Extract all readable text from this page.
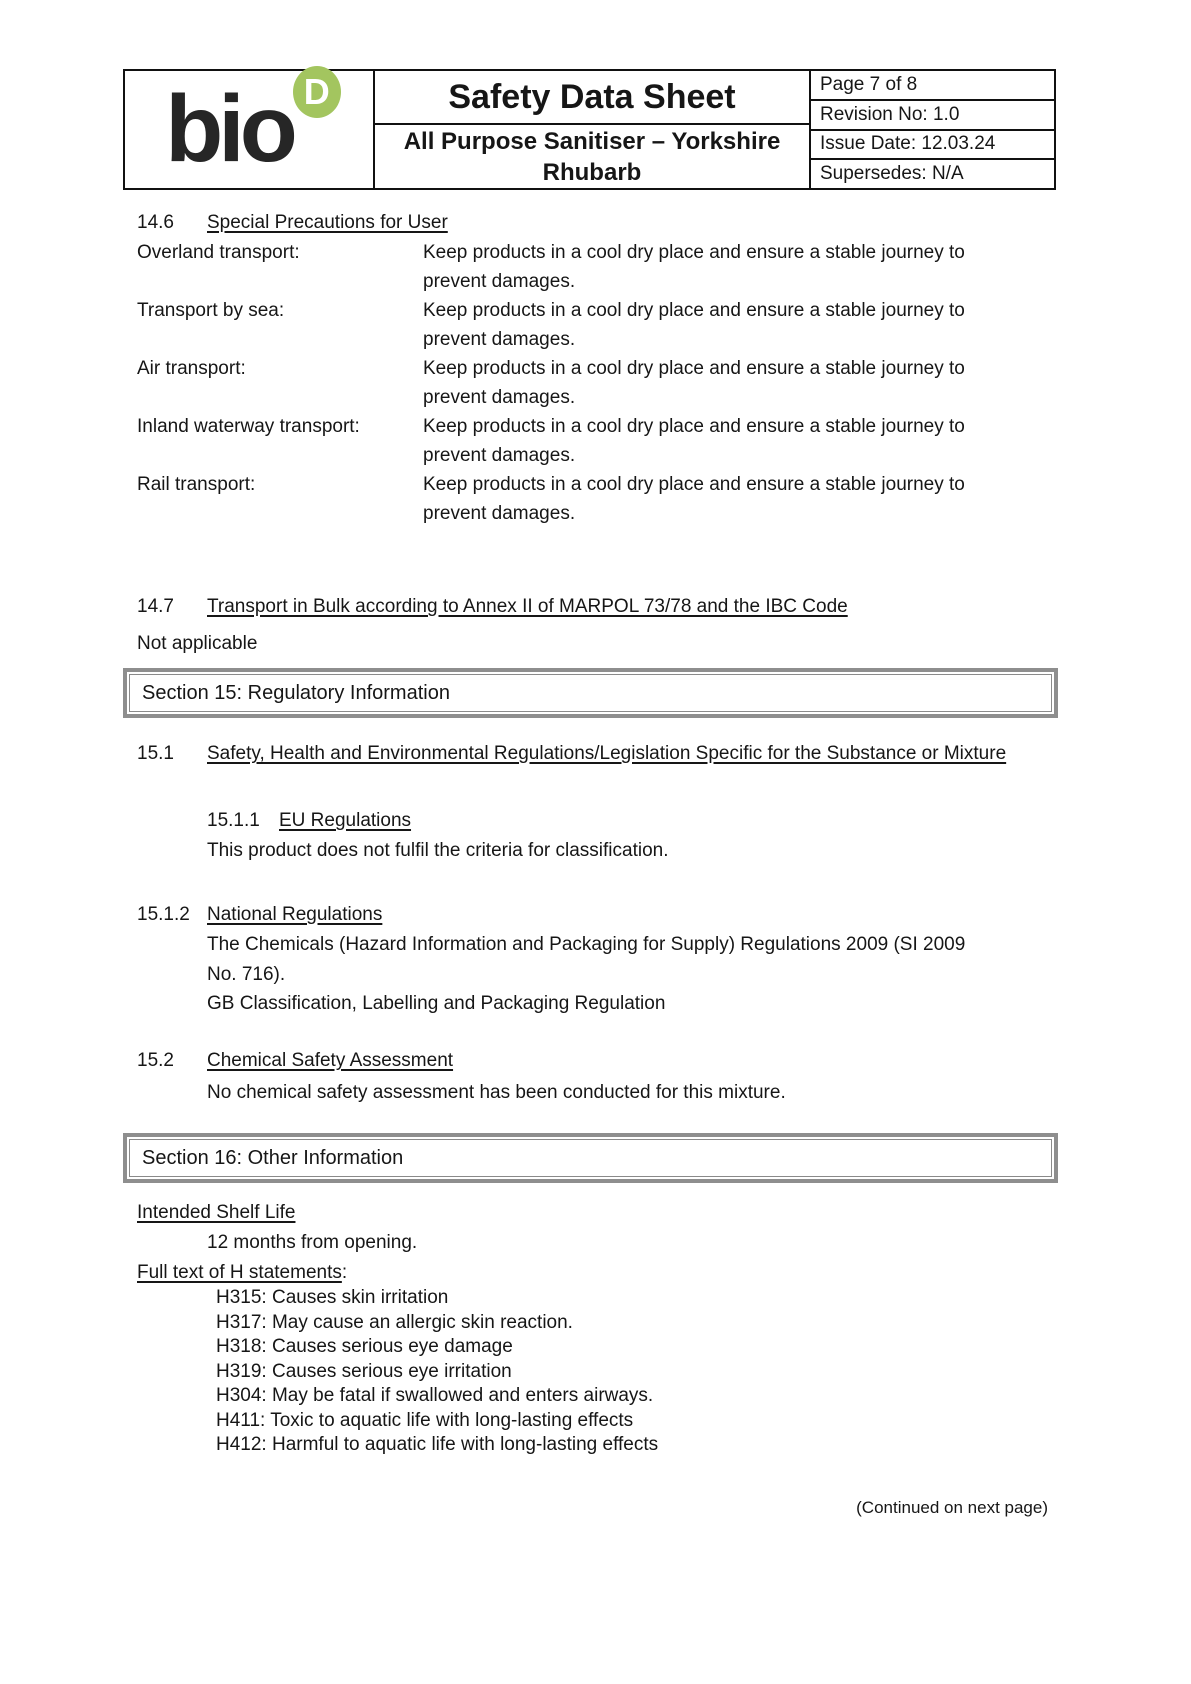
bio D	Safety Data Sheet
All Purpose Sanitiser – Yorkshire Rhubarb
Page 7 of 8
Revision No: 1.0
Issue Date: 12.03.24
Supersedes: N/A
14.6 Special Precautions for User
Overland transport:	Keep products in a cool dry place and ensure a stable journey to prevent damages.
Transport by sea:	Keep products in a cool dry place and ensure a stable journey to prevent damages.
Air transport:	Keep products in a cool dry place and ensure a stable journey to prevent damages.
Inland waterway transport:	Keep products in a cool dry place and ensure a stable journey to prevent damages.
Rail transport:	Keep products in a cool dry place and ensure a stable journey to prevent damages.
14.7 Transport in Bulk according to Annex II of MARPOL 73/78 and the IBC Code
Not applicable
Section 15: Regulatory Information
15.1 Safety, Health and Environmental Regulations/Legislation Specific for the Substance or Mixture
15.1.1 EU Regulations
This product does not fulfil the criteria for classification.
15.1.2 National Regulations
The Chemicals (Hazard Information and Packaging for Supply) Regulations 2009 (SI 2009 No. 716).
GB Classification, Labelling and Packaging Regulation
15.2 Chemical Safety Assessment
No chemical safety assessment has been conducted for this mixture.
Section 16: Other Information
Intended Shelf Life
12 months from opening.
Full text of H statements:
H315: Causes skin irritation
H317: May cause an allergic skin reaction.
H318: Causes serious eye damage
H319: Causes serious eye irritation
H304: May be fatal if swallowed and enters airways.
H411: Toxic to aquatic life with long-lasting effects
H412: Harmful to aquatic life with long-lasting effects
(Continued on next page)
